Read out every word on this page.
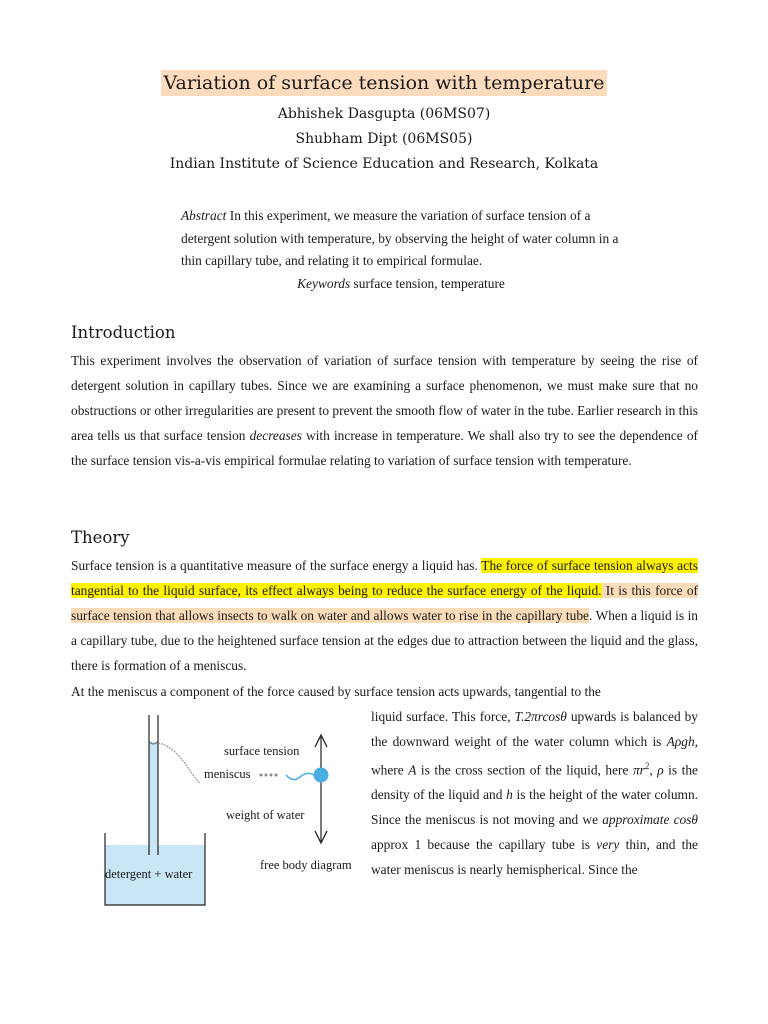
Variation of surface tension with temperature
Abhishek Dasgupta (06MS07)
Shubham Dipt (06MS05)
Indian Institute of Science Education and Research, Kolkata

Abstract In this experiment, we measure the variation of surface tension of a detergent solution with temperature, by observing the height of water column in a thin capillary tube, and relating it to empirical formulae.

Keywords surface tension, temperature

Introduction

This experiment involves the observation of variation of surface tension with temperature by seeing the rise of detergent solution in capillary tubes. Since we are examining a surface phenomenon, we must make sure that no obstructions or other irregularities are present to prevent the smooth flow of water in the tube. Earlier research in this area tells us that surface tension decreases with increase in temperature. We shall also try to see the dependence of the surface tension vis-a-vis empirical formulae relating to variation of surface tension with temperature.

Theory

Surface tension is a quantitative measure of the surface energy a liquid has. The force of surface tension always acts tangential to the liquid surface, its effect always being to reduce the surface energy of the liquid. It is this force of surface tension that allows insects to walk on water and allows water to rise in the capillary tube. When a liquid is in a capillary tube, due to the heightened surface tension at the edges due to attraction between the liquid and the glass, there is formation of a meniscus.

At the meniscus a component of the force caused by surface tension acts upwards, tangential to the

liquid surface. This force, T.2πrcosθ upwards is balanced by the downward weight of the water column which is Aρgh, where A is the cross section of the liquid, here $\pi r^2$, ρ is the density of the liquid and h is the height of the water column. Since the meniscus is not moving and we approximate cosθ approx 1 because the capillary tube is very thin, and the water meniscus is nearly hemispherical. Since the

surface tension
meniscus
weight of water
detergent + water
free body diagram
